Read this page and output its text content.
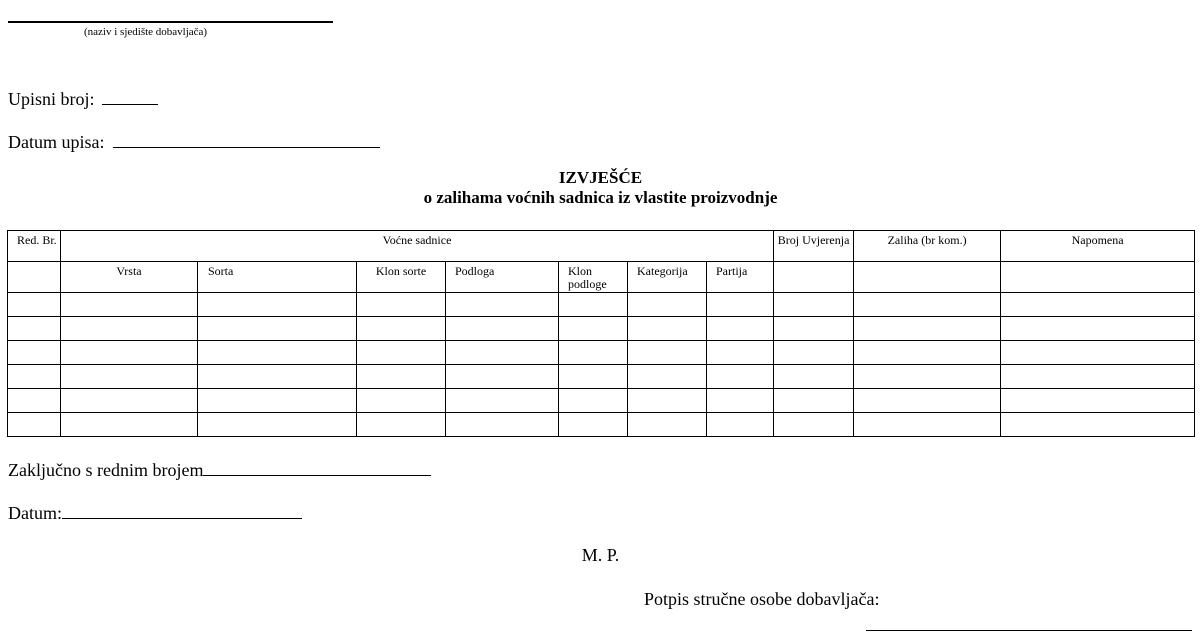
(naziv i sjedište dobavljača)
Upisni broj:
Datum upisa:
IZVJEŠĆE
o zalihama voćnih sadnica iz vlastite proizvodnje
Red. Br.	Voćne sadnice							Broj Uvjerenja	Zaliha (br kom.)	Napomena
	Vrsta	Sorta	Klon sorte	Podloga	Klon podloge	Kategorija	Partija			

Zaključno s rednim brojem
Datum:
M. P.
Potpis stručne osobe dobavljača:
